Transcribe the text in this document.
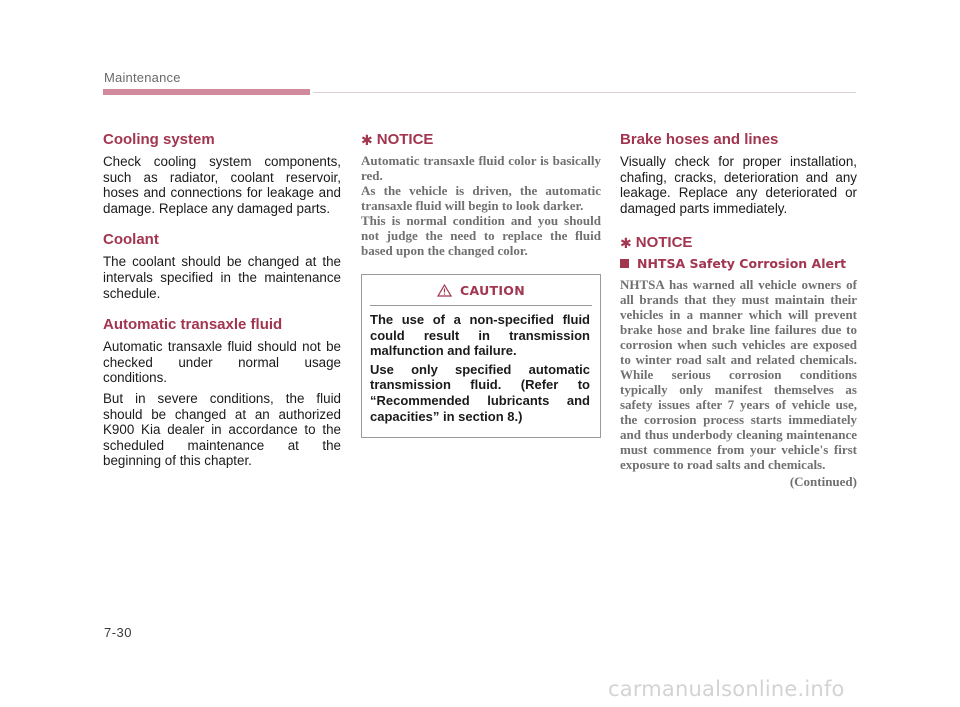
Maintenance
Cooling system

Check cooling system components, such as radiator, coolant reservoir, hoses and connections for leakage and damage. Replace any damaged parts.

Coolant

The coolant should be changed at the intervals specified in the maintenance schedule.

Automatic transaxle fluid

Automatic transaxle fluid should not be checked under normal usage conditions.

But in severe conditions, the fluid should be changed at an authorized K900 Kia dealer in accordance to the scheduled maintenance at the beginning of this chapter.

✱ NOTICE

Automatic transaxle fluid color is basically red.

As the vehicle is driven, the automatic transaxle fluid will begin to look darker.

This is normal condition and you should not judge the need to replace the fluid based upon the changed color.

CAUTION

The use of a non-specified fluid could result in transmission malfunction and failure.

Use only specified automatic transmission fluid. (Refer to “Recommended lubricants and capacities” in section 8.)

Brake hoses and lines

Visually check for proper installation, chafing, cracks, deterioration and any leakage. Replace any deteriorated or damaged parts immediately.

✱ NOTICE
NHTSA Safety Corrosion Alert

NHTSA has warned all vehicle owners of all brands that they must maintain their vehicles in a manner which will prevent brake hose and brake line failures due to corrosion when such vehicles are exposed to winter road salt and related chemicals. While serious corrosion conditions typically only manifest themselves as safety issues after 7 years of vehicle use, the corrosion process starts immediately and thus underbody cleaning maintenance must commence from your vehicle's first exposure to road salts and chemicals.

(Continued)
7-30
carmanualsonline.info
